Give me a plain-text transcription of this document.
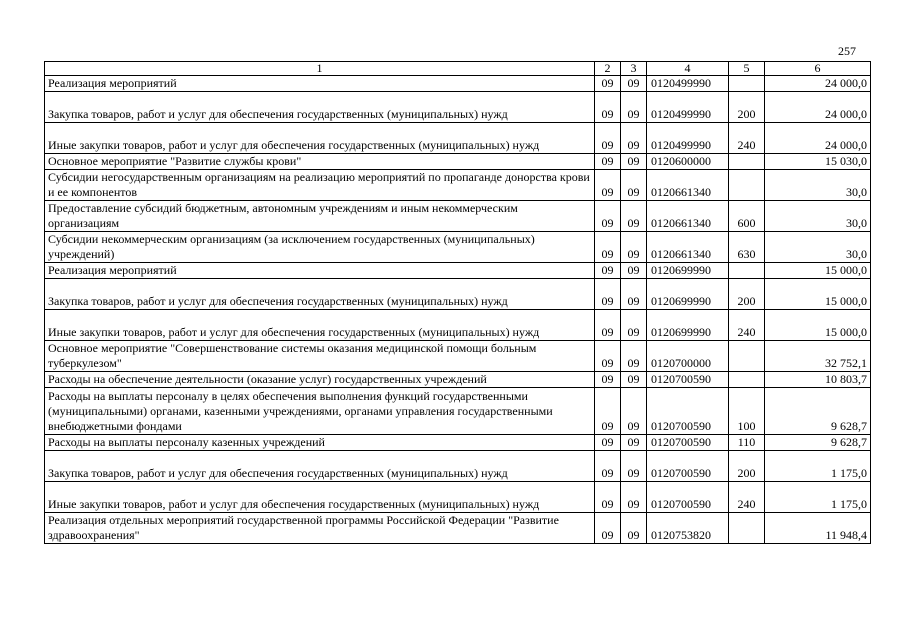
257
1	2	3	4	5	6
Реализация мероприятий	09	09	0120499990		24 000,0
Закупка товаров, работ и услуг для обеспечения государственных (муниципальных) нужд	09	09	0120499990	200	24 000,0
Иные закупки товаров, работ и услуг для обеспечения государственных (муниципальных) нужд	09	09	0120499990	240	24 000,0
Основное мероприятие "Развитие службы крови"	09	09	0120600000		15 030,0
Субсидии негосударственным организациям на реализацию мероприятий по пропаганде донорства крови и ее компонентов	09	09	0120661340		30,0
Предоставление субсидий бюджетным, автономным учреждениям и иным некоммерческим организациям	09	09	0120661340	600	30,0
Субсидии некоммерческим организациям (за исключением государственных (муниципальных) учреждений)	09	09	0120661340	630	30,0
Реализация мероприятий	09	09	0120699990		15 000,0
Закупка товаров, работ и услуг для обеспечения государственных (муниципальных) нужд	09	09	0120699990	200	15 000,0
Иные закупки товаров, работ и услуг для обеспечения государственных (муниципальных) нужд	09	09	0120699990	240	15 000,0
Основное мероприятие "Совершенствование системы оказания медицинской помощи больным туберкулезом"	09	09	0120700000		32 752,1
Расходы на обеспечение деятельности (оказание услуг) государственных учреждений	09	09	0120700590		10 803,7
Расходы на выплаты персоналу в целях обеспечения выполнения функций государственными (муниципальными) органами, казенными учреждениями, органами управления государственными внебюджетными фондами	09	09	0120700590	100	9 628,7
Расходы на выплаты персоналу казенных учреждений	09	09	0120700590	110	9 628,7
Закупка товаров, работ и услуг для обеспечения государственных (муниципальных) нужд	09	09	0120700590	200	1 175,0
Иные закупки товаров, работ и услуг для обеспечения государственных (муниципальных) нужд	09	09	0120700590	240	1 175,0
Реализация отдельных мероприятий государственной программы Российской Федерации "Развитие здравоохранения"	09	09	0120753820		11 948,4
